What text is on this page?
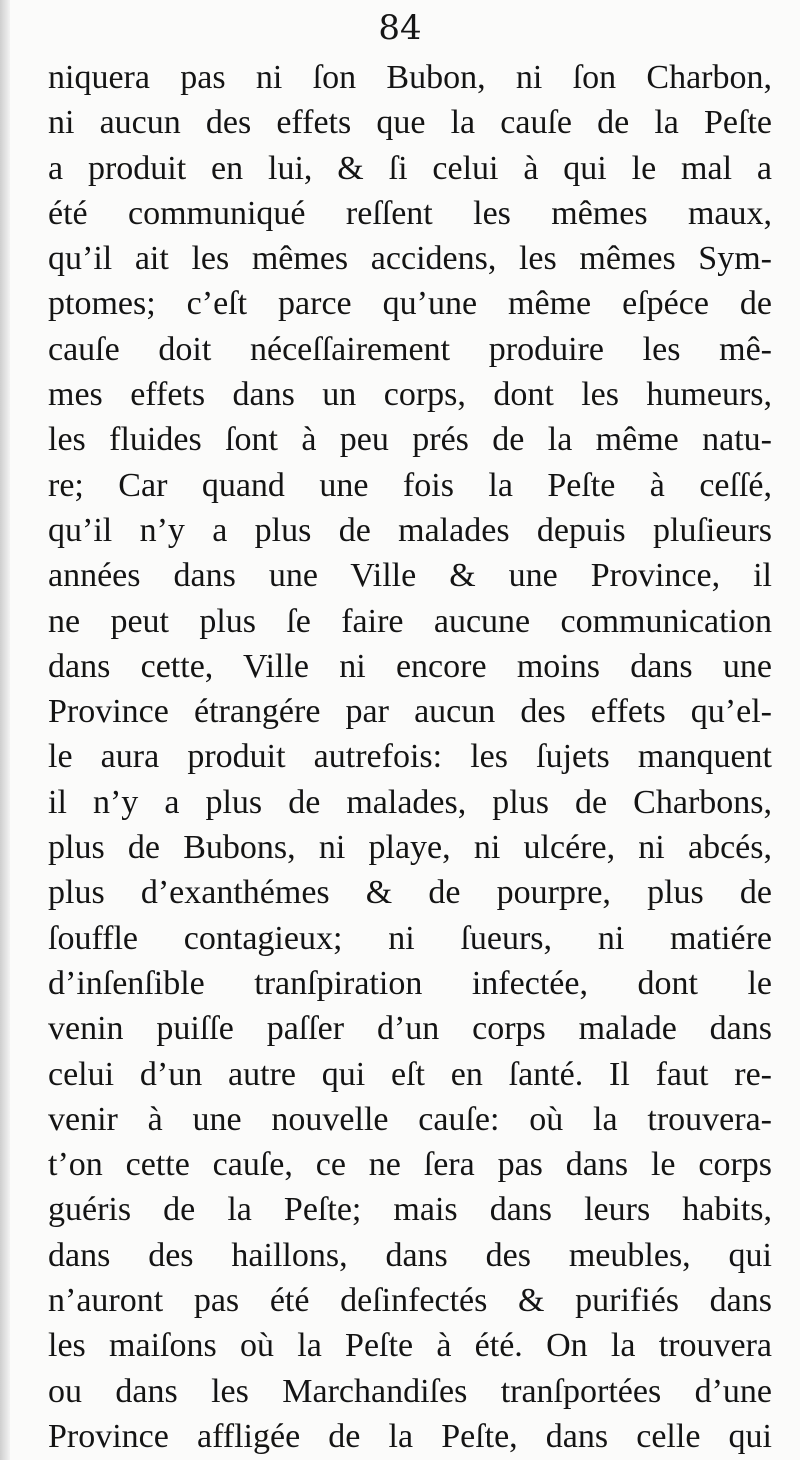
84
niquera pas ni ſon Bubon, ni ſon Charbon,
ni aucun des effets que la cauſe de la Peſte
a produit en lui, & ſi celui à qui le mal a
été communiqué reſſent les mêmes maux,
qu’il ait les mêmes accidens, les mêmes Sym-
ptomes; c’eſt parce qu’une même eſpéce de
cauſe doit néceſſairement produire les mê-
mes effets dans un corps, dont les humeurs,
les fluides ſont à peu prés de la même natu-
re; Car quand une fois la Peſte à ceſſé,
qu’il n’y a plus de malades depuis pluſieurs
années dans une Ville & une Province, il
ne peut plus ſe faire aucune communication
dans cette, Ville ni encore moins dans une
Province étrangére par aucun des effets qu’el-
le aura produit autrefois: les ſujets manquent
il n’y a plus de malades, plus de Charbons,
plus de Bubons, ni playe, ni ulcére, ni abcés,
plus d’exanthémes & de pourpre, plus de
ſouffle contagieux; ni ſueurs, ni matiére
d’inſenſible tranſpiration infectée, dont le
venin puiſſe paſſer d’un corps malade dans
celui d’un autre qui eſt en ſanté. Il faut re-
venir à une nouvelle cauſe: où la trouvera-
t’on cette cauſe, ce ne ſera pas dans le corps
guéris de la Peſte; mais dans leurs habits,
dans des haillons, dans des meubles, qui
n’auront pas été deſinfectés & purifiés dans
les maiſons où la Peſte à été. On la trouvera
ou dans les Marchandiſes tranſportées d’une
Province affligée de la Peſte, dans celle qui
